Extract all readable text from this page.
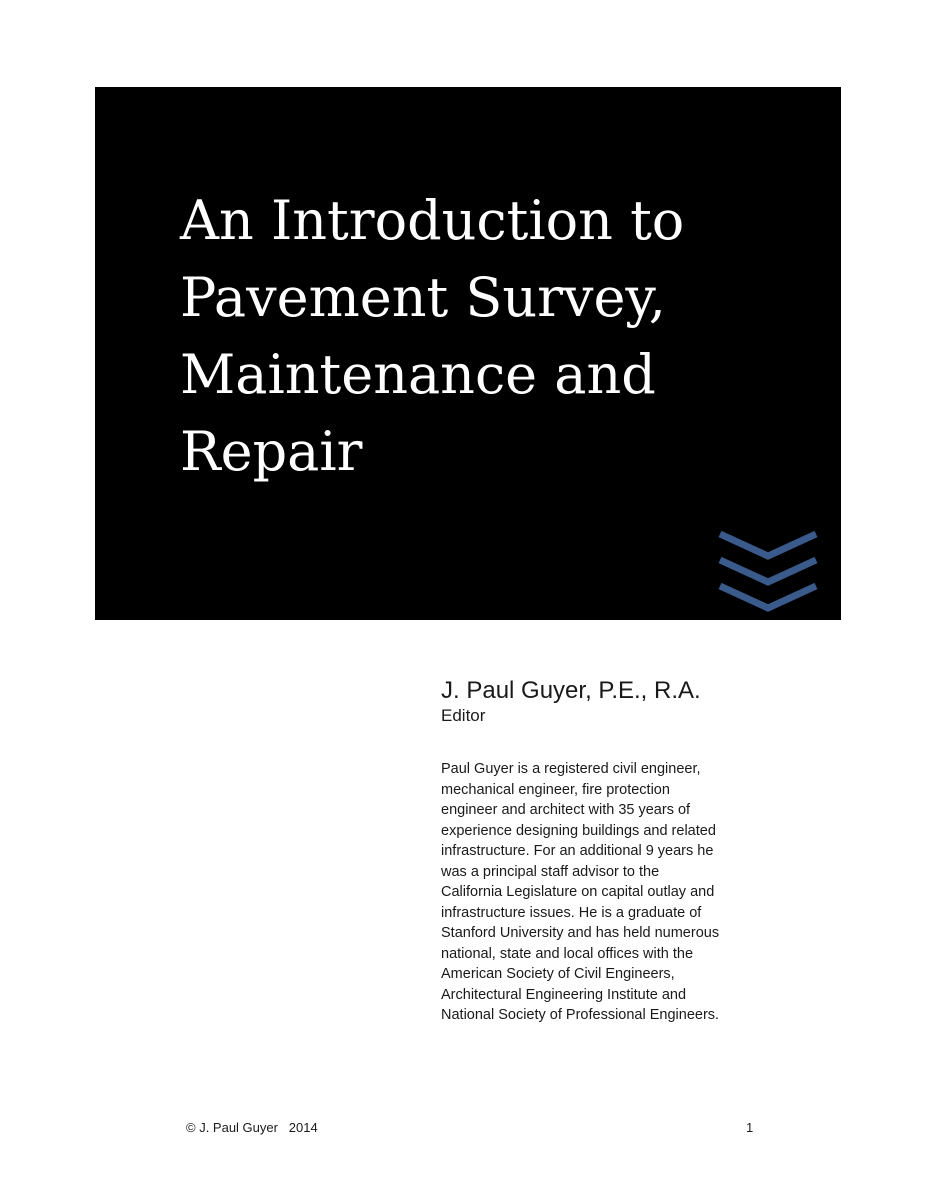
An Introduction to
Pavement Survey,
Maintenance and
Repair
J. Paul Guyer, P.E., R.A.
Editor
Paul Guyer is a registered civil engineer,
mechanical engineer, fire protection
engineer and architect with 35 years of
experience designing buildings and related
infrastructure. For an additional 9 years he
was a principal staff advisor to the
California Legislature on capital outlay and
infrastructure issues. He is a graduate of
Stanford University and has held numerous
national, state and local offices with the
American Society of Civil Engineers,
Architectural Engineering Institute and
National Society of Professional Engineers.
© J. Paul Guyer   2014	1
